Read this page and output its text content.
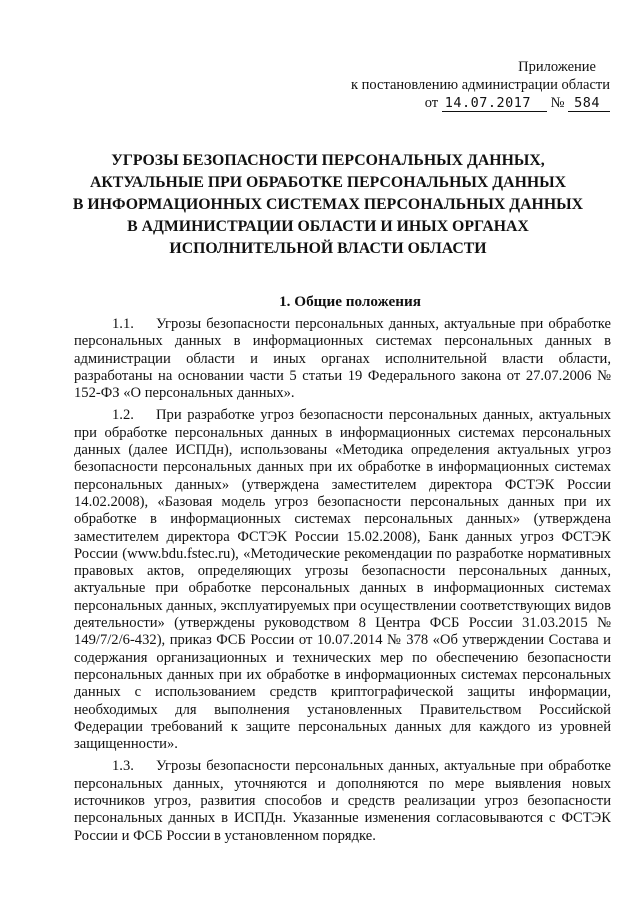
Приложение
к постановлению администрации области
от 14.07.2017 № 584
УГРОЗЫ БЕЗОПАСНОСТИ ПЕРСОНАЛЬНЫХ ДАННЫХ,
АКТУАЛЬНЫЕ ПРИ ОБРАБОТКЕ ПЕРСОНАЛЬНЫХ ДАННЫХ
В ИНФОРМАЦИОННЫХ СИСТЕМАХ ПЕРСОНАЛЬНЫХ ДАННЫХ
В АДМИНИСТРАЦИИ ОБЛАСТИ И ИНЫХ ОРГАНАХ
ИСПОЛНИТЕЛЬНОЙ ВЛАСТИ ОБЛАСТИ
1. Общие положения

1.1. Угрозы безопасности персональных данных, актуальные при обработке персональных данных в информационных системах персональных данных в администрации области и иных органах исполнительной власти области, разработаны на основании части 5 статьи 19 Федерального закона от 27.07.2006 № 152-ФЗ «О персональных данных».

1.2. При разработке угроз безопасности персональных данных, актуальных при обработке персональных данных в информационных системах персональных данных (далее ИСПДн), использованы «Методика определения актуальных угроз безопасности персональных данных при их обработке в информационных системах персональных данных» (утверждена заместителем директора ФСТЭК России 14.02.2008), «Базовая модель угроз безопасности персональных данных при их обработке в информационных системах персональных данных» (утверждена заместителем директора ФСТЭК России 15.02.2008), Банк данных угроз ФСТЭК России (www.bdu.fstec.ru), «Методические рекомендации по разработке нормативных правовых актов, определяющих угрозы безопасности персональных данных, актуальные при обработке персональных данных в информационных системах персональных данных, эксплуатируемых при осуществлении соответствующих видов деятельности» (утверждены руководством 8 Центра ФСБ России 31.03.2015 № 149/7/2/6-432), приказ ФСБ России от 10.07.2014 № 378 «Об утверждении Состава и содержания организационных и технических мер по обеспечению безопасности персональных данных при их обработке в информационных системах персональных данных с использованием средств криптографической защиты информации, необходимых для выполнения установленных Правительством Российской Федерации требований к защите персональных данных для каждого из уровней защищенности».

1.3. Угрозы безопасности персональных данных, актуальные при обработке персональных данных, уточняются и дополняются по мере выявления новых источников угроз, развития способов и средств реализации угроз безопасности персональных данных в ИСПДн. Указанные изменения согласовываются с ФСТЭК России и ФСБ России в установленном порядке.
